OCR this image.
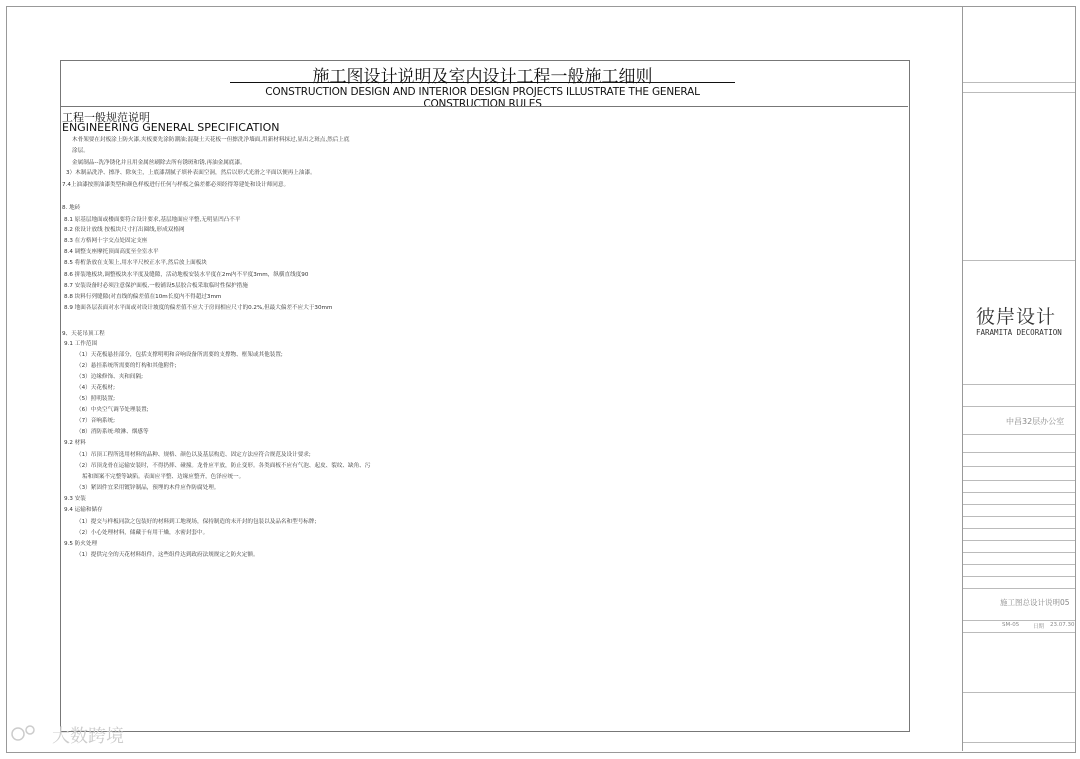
施工图设计说明及室内设计工程一般施工细则
CONSTRUCTION DESIGN AND INTERIOR DESIGN PROJECTS ILLUSTRATE THE GENERAL CONSTRUCTION RULES
工程一般规范说明
ENGINEERING GENERAL SPECIFICATION
木骨架要在封板涂上防火漆,夹板要先涂防潮油;混凝土天花板一但擦洗净墙面,用新材料抹过,显出之斑点,然后上底
涂层。
金属制品--洗净锈化并且用金属丝刷除去所有锈斑和锈,再油金属底漆。
3）木制品洗净、擦净、除灰尘，上底漆刮腻子填补表面空洞，然后以形式光滑之平面以便再上油漆。
7.4上油漆按照油漆类型和颜色样板进行任何与样板之偏差都必须经得筹建处和设计师同意。
8. 地砖
8.1 原基层地面或楼面要符合设计要求,基层地面应平整,无明显凹凸不平
8.2 依设计放线 按板块尺寸打出圈线,形成双格网
8.3 在方格网十字交点处固定支座
8.4 调整支座摩托顶面高度至全室水平
8.5 将桁条放在支架上,用水平尺校正水平,然后放上面板块
8.6 拼装地板块,调整板块水平度及缝隙，活动地板安装水平度在2m内不平度3mm，纵横直线度90
8.7 安装设备时必须注意保护面板,一般铺设5层胶合板采取临时性保护措施
8.8 块料行列缝隙(对直线的偏差值在10m长度内不得超过3mm
8.9 地面各层表面对水平面或对设计坡度的偏差值不应大于房间相应尺寸的0.2%,但最大偏差不应大于30mm
9、天花吊顶工程
9.1 工作范围
（1）天花板悬挂部分，包括支撑明明和音响设备所需要的支撑物、框架或其他装置;
（2）悬挂系统所需要的钉构和其他附件;
（3）边缘修饰、夹和间隔;
（4）天花板材;
（5）照明装置;
（6）中央空气调节处理装置;
（7）音响系统;
（8）消防系统:喷淋、烟感等
9.2 材料
（1）吊顶工程所选用材料的品种、规格、颜色以及基层构造、固定方法应符合规范及设计要求;
（2）吊顶龙骨在运输安装时，不得扔摔、碰撞。龙骨应平放，防止变形。各类面板不应有气泡、起皮、裂纹、缺角、污
垢和图案不完整等缺陷。表面应平整、边缘应整齐，色泽应统一。
（3）紧固件宜采用镀锌制品，预埋的木件应作防腐处理。
9.3 安装
9.4 运输和储存
（1）提交与样板同款之包装好的材料到工地现场，保持制造的未开封的包装以及品名和型号标牌;
（2）小心处理材料，储藏于有用干燥，水密封套中。
9.5 防火处理
（1）提供完全的天花材料组件，这些组件达到政府法规规定之防火定额。
彼岸设计
FARAMITA DECORATION
中昌32层办公室
施工图总设计说明05
SM-05	日期 23.07.30
大数跨境
